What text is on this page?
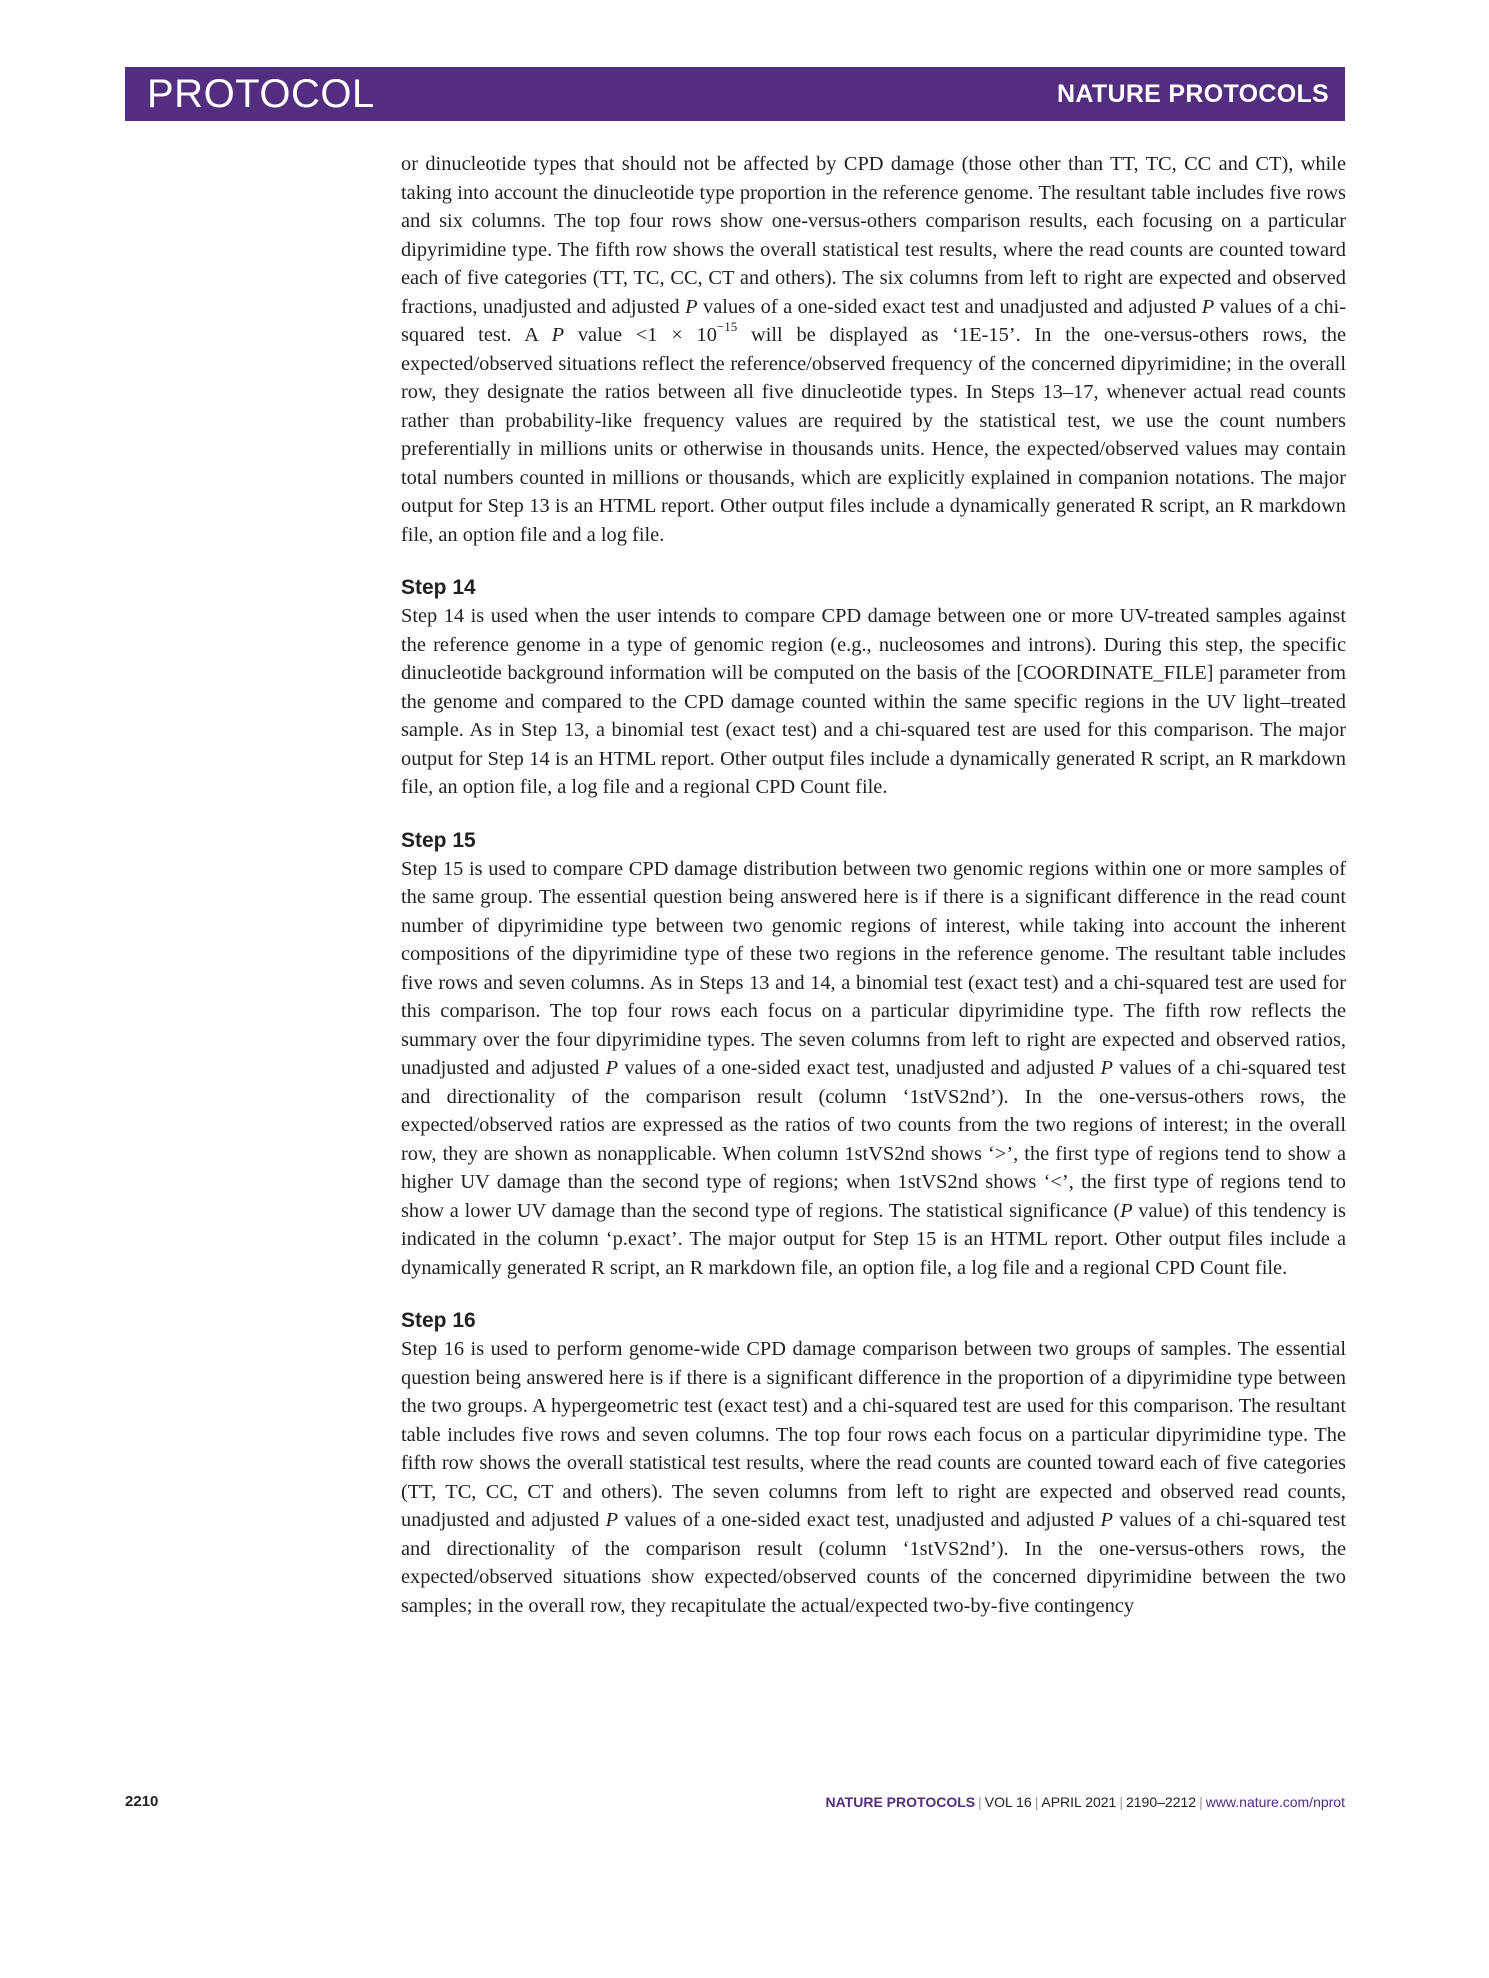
PROTOCOL	NATURE PROTOCOLS

or dinucleotide types that should not be affected by CPD damage (those other than TT, TC, CC and CT), while taking into account the dinucleotide type proportion in the reference genome. The resultant table includes five rows and six columns. The top four rows show one-versus-others comparison results, each focusing on a particular dipyrimidine type. The fifth row shows the overall statistical test results, where the read counts are counted toward each of five categories (TT, TC, CC, CT and others). The six columns from left to right are expected and observed fractions, unadjusted and adjusted P values of a one-sided exact test and unadjusted and adjusted P values of a chi-squared test. A P value $<1 \times 10^{-15}$ will be displayed as ‘1E-15’. In the one-versus-others rows, the expected/observed situations reflect the reference/observed frequency of the concerned dipyrimidine; in the overall row, they designate the ratios between all five dinucleotide types. In Steps 13–17, whenever actual read counts rather than probability-like frequency values are required by the statistical test, we use the count numbers preferentially in millions units or otherwise in thousands units. Hence, the expected/observed values may contain total numbers counted in millions or thousands, which are explicitly explained in companion notations. The major output for Step 13 is an HTML report. Other output files include a dynamically generated R script, an R markdown file, an option file and a log file.

Step 14

Step 14 is used when the user intends to compare CPD damage between one or more UV-treated samples against the reference genome in a type of genomic region (e.g., nucleosomes and introns). During this step, the specific dinucleotide background information will be computed on the basis of the [COORDINATE_FILE] parameter from the genome and compared to the CPD damage counted within the same specific regions in the UV light–treated sample. As in Step 13, a binomial test (exact test) and a chi-squared test are used for this comparison. The major output for Step 14 is an HTML report. Other output files include a dynamically generated R script, an R markdown file, an option file, a log file and a regional CPD Count file.

Step 15

Step 15 is used to compare CPD damage distribution between two genomic regions within one or more samples of the same group. The essential question being answered here is if there is a significant difference in the read count number of dipyrimidine type between two genomic regions of interest, while taking into account the inherent compositions of the dipyrimidine type of these two regions in the reference genome. The resultant table includes five rows and seven columns. As in Steps 13 and 14, a binomial test (exact test) and a chi-squared test are used for this comparison. The top four rows each focus on a particular dipyrimidine type. The fifth row reflects the summary over the four dipyrimidine types. The seven columns from left to right are expected and observed ratios, unadjusted and adjusted P values of a one-sided exact test, unadjusted and adjusted P values of a chi-squared test and directionality of the comparison result (column ‘1stVS2nd’). In the one-versus-others rows, the expected/observed ratios are expressed as the ratios of two counts from the two regions of interest; in the overall row, they are shown as nonapplicable. When column 1stVS2nd shows ‘>’, the first type of regions tend to show a higher UV damage than the second type of regions; when 1stVS2nd shows ‘<’, the first type of regions tend to show a lower UV damage than the second type of regions. The statistical significance (P value) of this tendency is indicated in the column ‘p.exact’. The major output for Step 15 is an HTML report. Other output files include a dynamically generated R script, an R markdown file, an option file, a log file and a regional CPD Count file.

Step 16

Step 16 is used to perform genome-wide CPD damage comparison between two groups of samples. The essential question being answered here is if there is a significant difference in the proportion of a dipyrimidine type between the two groups. A hypergeometric test (exact test) and a chi-squared test are used for this comparison. The resultant table includes five rows and seven columns. The top four rows each focus on a particular dipyrimidine type. The fifth row shows the overall statistical test results, where the read counts are counted toward each of five categories (TT, TC, CC, CT and others). The seven columns from left to right are expected and observed read counts, unadjusted and adjusted P values of a one-sided exact test, unadjusted and adjusted P values of a chi-squared test and directionality of the comparison result (column ‘1stVS2nd’). In the one-versus-others rows, the expected/observed situations show expected/observed counts of the concerned dipyrimidine between the two samples; in the overall row, they recapitulate the actual/expected two-by-five contingency

2210	NATURE PROTOCOLS | VOL 16 | APRIL 2021 | 2190–2212 | www.nature.com/nprot
